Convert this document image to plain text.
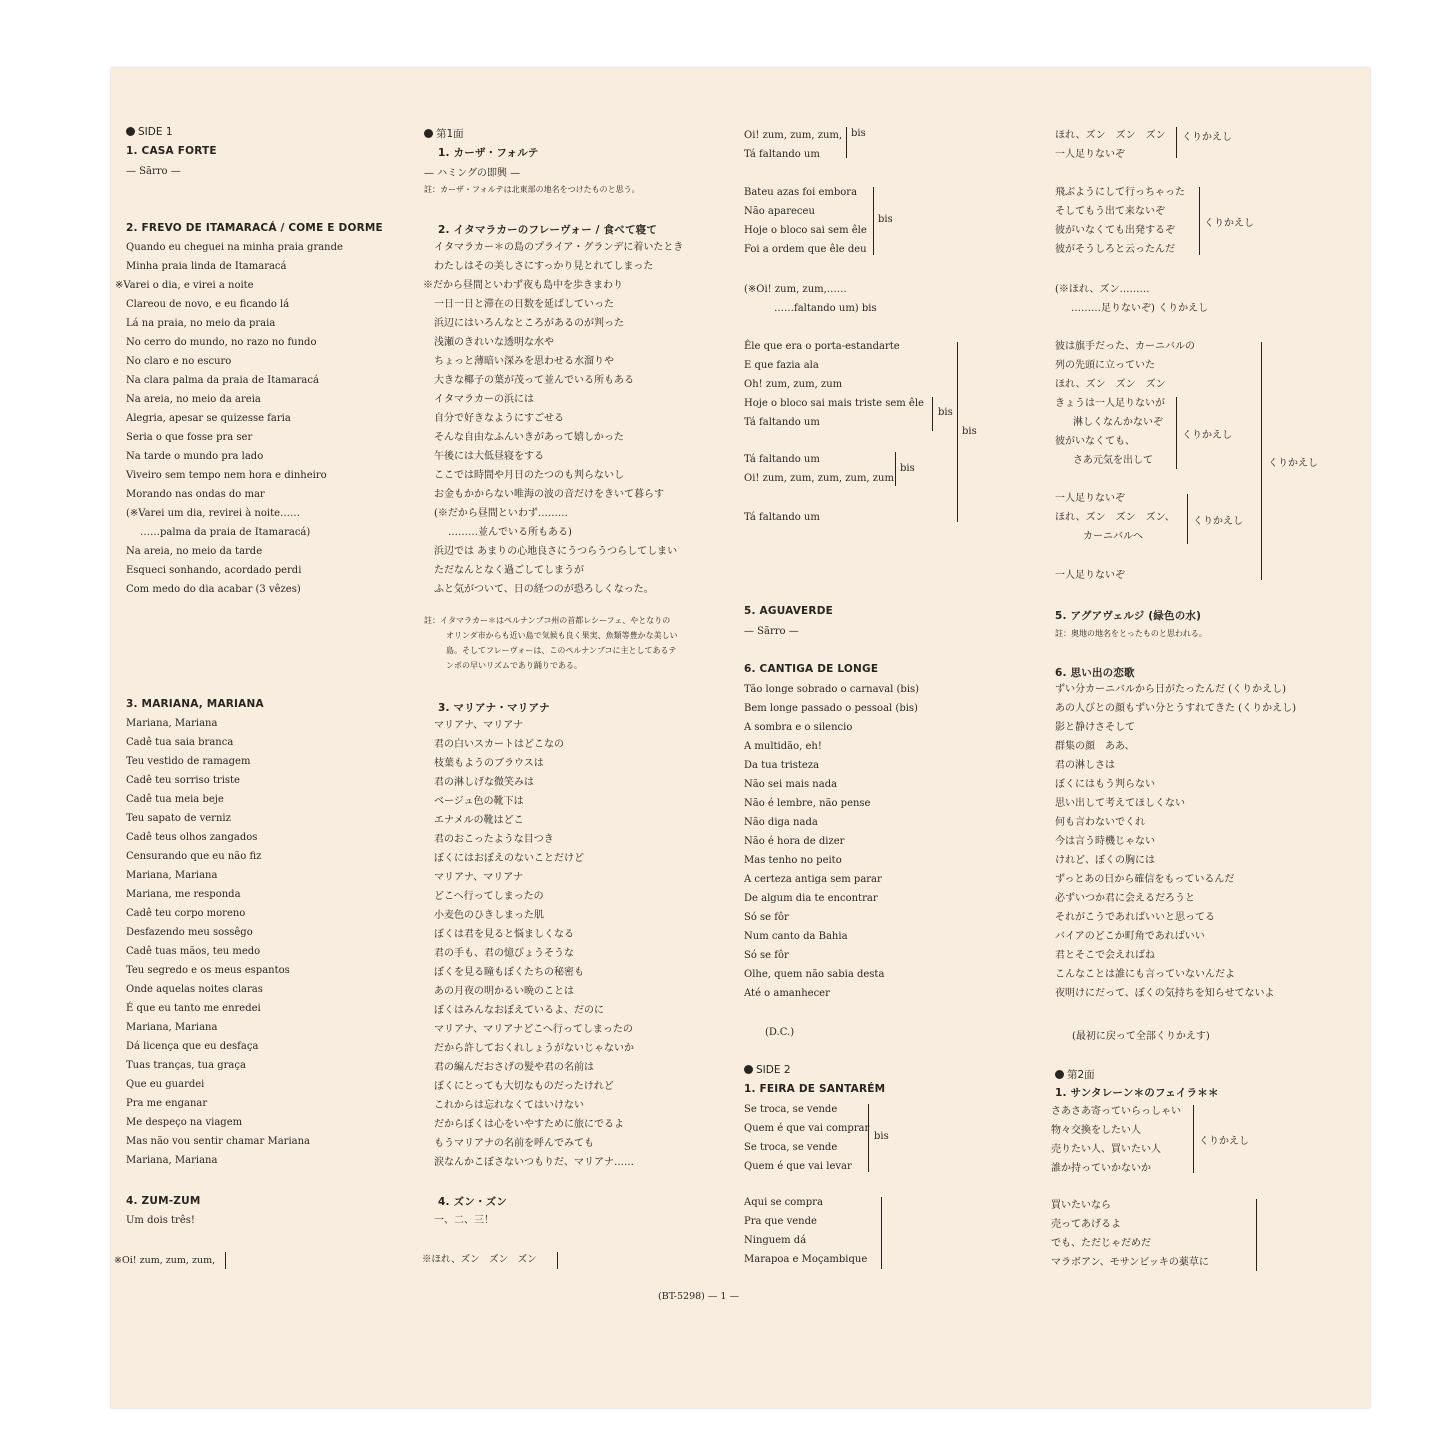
SIDE 1
1. CASA FORTE
— Sãrro —
2. FREVO DE ITAMARACÁ / COME E DORME
Quando eu cheguei na minha praia grande
Minha praia linda de Itamaracá
※Varei o dia, e virei a noite
Clareou de novo, e eu ficando lá
Lá na praia, no meio da praia
No cerro do mundo, no razo no fundo
No claro e no escuro
Na clara palma da praia de Itamaracá
Na areia, no meio da areia
Alegria, apesar se quizesse faria
Seria o que fosse pra ser
Na tarde o mundo pra lado
Viveiro sem tempo nem hora e dinheiro
Morando nas ondas do mar
(※Varei um dia, revirei à noite……
……palma da praia de Itamaracá)
Na areia, no meio da tarde
Esqueci sonhando, acordado perdi
Com medo do dia acabar (3 vêzes)
3. MARIANA, MARIANA
Mariana, Mariana
Cadê tua saia branca
Teu vestido de ramagem
Cadê teu sorriso triste
Cadê tua meia beje
Teu sapato de verniz
Cadê teus olhos zangados
Censurando que eu não fiz
Mariana, Mariana
Mariana, me responda
Cadê teu corpo moreno
Desfazendo meu sossêgo
Cadê tuas mãos, teu medo
Teu segredo e os meus espantos
Onde aquelas noites claras
É que eu tanto me enredei
Mariana, Mariana
Dá licença que eu desfaça
Tuas tranças, tua graça
Que eu guardei
Pra me enganar
Me despeço na viagem
Mas não vou sentir chamar Mariana
Mariana, Mariana
4. ZUM-ZUM
Um dois três!
※Oi! zum, zum, zum,
第1面
1. カーザ・フォルテ
— ハミングの即興 —
註：カーザ・フォルテは北東部の地名をつけたものと思う。
2. イタマラカーのフレーヴォー / 食べて寝て
イタマラカー＊の島のプライア・グランデに着いたとき
わたしはその美しさにすっかり見とれてしまった
※だから昼間といわず夜も島中を歩きまわり
一日一日と滞在の日数を延ばしていった
浜辺にはいろんなところがあるのが判った
浅瀬のきれいな透明な水や
ちょっと薄暗い深みを思わせる水溜りや
大きな椰子の葉が茂って並んでいる所もある
イタマラカーの浜には
自分で好きなようにすごせる
そんな自由なふんいきがあって嬉しかった
午後には大低昼寝をする
ここでは時間や月日のたつのも判らないし
お金もかからない唯海の波の音だけをきいて暮らす
(※だから昼間といわず………
………並んでいる所もある)
浜辺では あまりの心地良さにうつらうつらしてしまい
ただなんとなく過ごしてしまうが
ふと気がついて、日の経つのが恐ろしくなった。
註：イタマラカー＊はペルナンブコ州の首都レシーフェ、やとなりの
オリンダ市からも近い島で気候も良く果実、魚類等豊かな美しい
島。そしてフレーヴォーは、このペルナンブコに主としてあるテ
ンポの早いリズムであり踊りである。
3. マリアナ・マリアナ
マリアナ、マリアナ
君の白いスカートはどこなの
枝葉もようのブラウスは
君の淋しげな微笑みは
ベージュ色の靴下は
エナメルの靴はどこ
君のおこったような目つき
ぼくにはおぼえのないことだけど
マリアナ、マリアナ
どこへ行ってしまったの
小麦色のひきしまった肌
ぼくは君を見ると悩ましくなる
君の手も、君の憶びょうそうな
ぼくを見る瞳もぼくたちの秘密も
あの月夜の明かるい晩のことは
ぼくはみんなおぼえているよ、だのに
マリアナ、マリアナどこへ行ってしまったの
だから許しておくれしょうがないじゃないか
君の編んだおさげの髪や君の名前は
ぼくにとっても大切なものだったけれど
これからは忘れなくてはいけない
だからぼくは心をいやすために旅にでるよ
もうマリアナの名前を呼んでみても
涙なんかこぼさないつもりだ、マリアナ……
4. ズン・ズン
一、二、三！
※ほれ、ズン　ズン　ズン
Oi! zum, zum, zum,
Tá faltando um
bis
Bateu azas foi embora
Não apareceu
Hoje o bloco sai sem êle
Foi a ordem que êle deu
bis
(※Oi! zum, zum,……
……faltando um) bis
Êle que era o porta-estandarte
E que fazia ala
Oh! zum, zum, zum
Hoje o bloco sai mais triste sem êle
Tá faltando um
bis
Tá faltando um
Oi! zum, zum, zum, zum, zum
bis
Tá faltando um
bis
5. AGUAVERDE
— Sãrro —
6. CANTIGA DE LONGE
Tão longe sobrado o carnaval (bis)
Bem longe passado o pessoal (bis)
A sombra e o silencio
A multidão, eh!
Da tua tristeza
Não sei mais nada
Não é lembre, não pense
Não diga nada
Não é hora de dizer
Mas tenho no peito
A certeza antiga sem parar
De algum dia te encontrar
Só se fôr
Num canto da Bahia
Só se fôr
Olhe, quem não sabia desta
Até o amanhecer
(D.C.)
SIDE 2
1. FEIRA DE SANTARÉM
Se troca, se vende
Quem é que vai comprar
Se troca, se vende
Quem é que vai levar
bis
Aqui se compra
Pra que vende
Ninguem dá
Marapoa e Moçambique
ほれ、ズン　ズン　ズン
一人足りないぞ
くりかえし
飛ぶようにして行っちゃった
そしてもう出て来ないぞ
彼がいなくても出発するぞ
彼がそうしろと云ったんだ
くりかえし
(※ほれ、ズン………
………足りないぞ) くりかえし
彼は旗手だった、カーニバルの
列の先頭に立っていた
ほれ、ズン　ズン　ズン
きょうは一人足りないが
　淋しくなんかないぞ
彼がいなくても、
　さあ元気を出して
くりかえし
一人足りないぞ
ほれ、ズン　ズン　ズン、
　カーニバルへ
くりかえし
一人足りないぞ
くりかえし
5. アグアヴェルジ (緑色の水)
註：奥地の地名をとったものと思われる。
6. 思い出の恋歌
ずい分カーニバルから日がたったんだ (くりかえし)
あの人びとの顔もずい分とうすれてきた (くりかえし)
影と静けさそして
群集の顔　ああ、
君の淋しさは
ぼくにはもう判らない
思い出して考えてほしくない
何も言わないでくれ
今は言う時機じゃない
けれど、ぼくの胸には
ずっとあの日から確信をもっているんだ
必ずいつか君に会えるだろうと
それがこうであればいいと思ってる
バイアのどこか町角であればいい
君とそこで会えればね
こんなことは誰にも言っていないんだよ
夜明けにだって、ぼくの気持ちを知らせてないよ
(最初に戻って全部くりかえす)
第2面
1. サンタレーン＊のフェイラ＊＊
さあさあ寄っていらっしゃい
物々交換をしたい人
売りたい人、買いたい人
誰か持っていかないか
くりかえし
買いたいなら
売ってあげるよ
でも、ただじゃだめだ
マラボアン、モサンビッキの薬草に
(BT-5298) — 1 —
